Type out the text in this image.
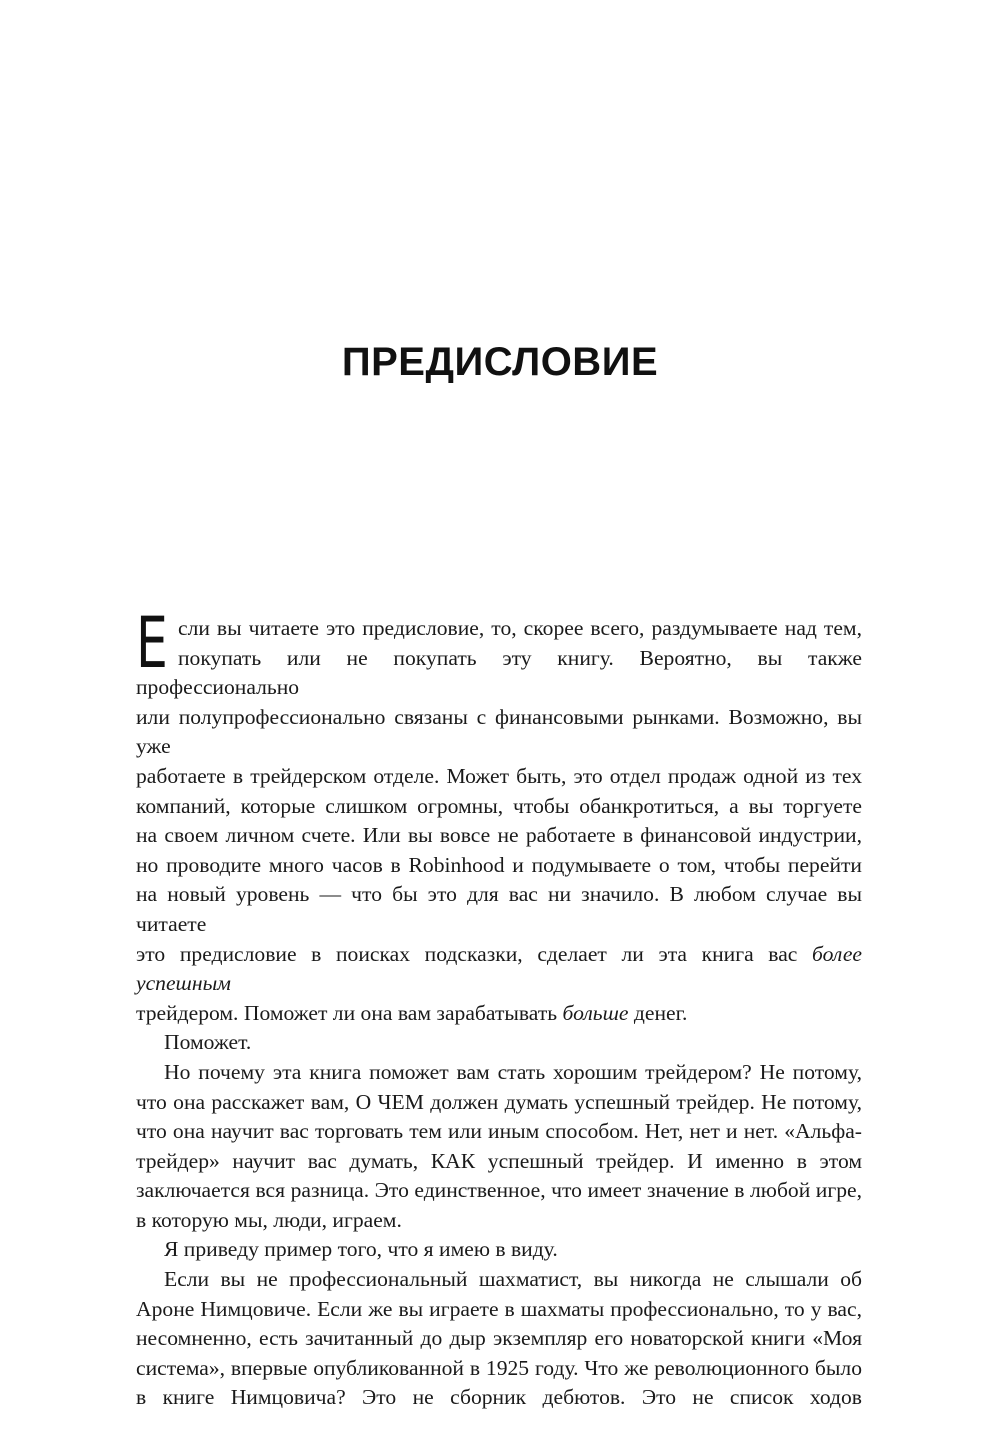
ПРЕДИСЛОВИЕ
Е сли вы читаете это предисловие, то, скорее всего, раздумываете над тем,

покупать или не покупать эту книгу. Вероятно, вы также профессионально

или полупрофессионально связаны с финансовыми рынками. Возможно, вы уже

работаете в трейдерском отделе. Может быть, это отдел продаж одной из тех

компаний, которые слишком огромны, чтобы обанкротиться, а вы торгуете

на своем личном счете. Или вы вовсе не работаете в финансовой индустрии,

но проводите много часов в Robinhood и подумываете о том, чтобы перейти

на новый уровень — что бы это для вас ни значило. В любом случае вы читаете

это предисловие в поисках подсказки, сделает ли эта книга вас более успешным

трейдером. Поможет ли она вам зарабатывать больше денег.

Поможет.

Но почему эта книга поможет вам стать хорошим трейдером? Не потому, что она расскажет вам, О ЧЕМ должен думать успешный трейдер. Не потому, что она научит вас торговать тем или иным способом. Нет, нет и нет. «Альфа-трейдер» научит вас думать, КАК успешный трейдер. И именно в этом заключается вся разница. Это единственное, что имеет значение в любой игре, в которую мы, люди, играем.

Я приведу пример того, что я имею в виду.

Если вы не профессиональный шахматист, вы никогда не слышали об Ароне Нимцовиче. Если же вы играете в шахматы профессионально, то у вас, несомненно, есть зачитанный до дыр экземпляр его новаторской книги «Моя система», впервые опубликованной в 1925 году. Что же революционного было в книге Нимцовича? Это не сборник дебютов. Это не список ходов
